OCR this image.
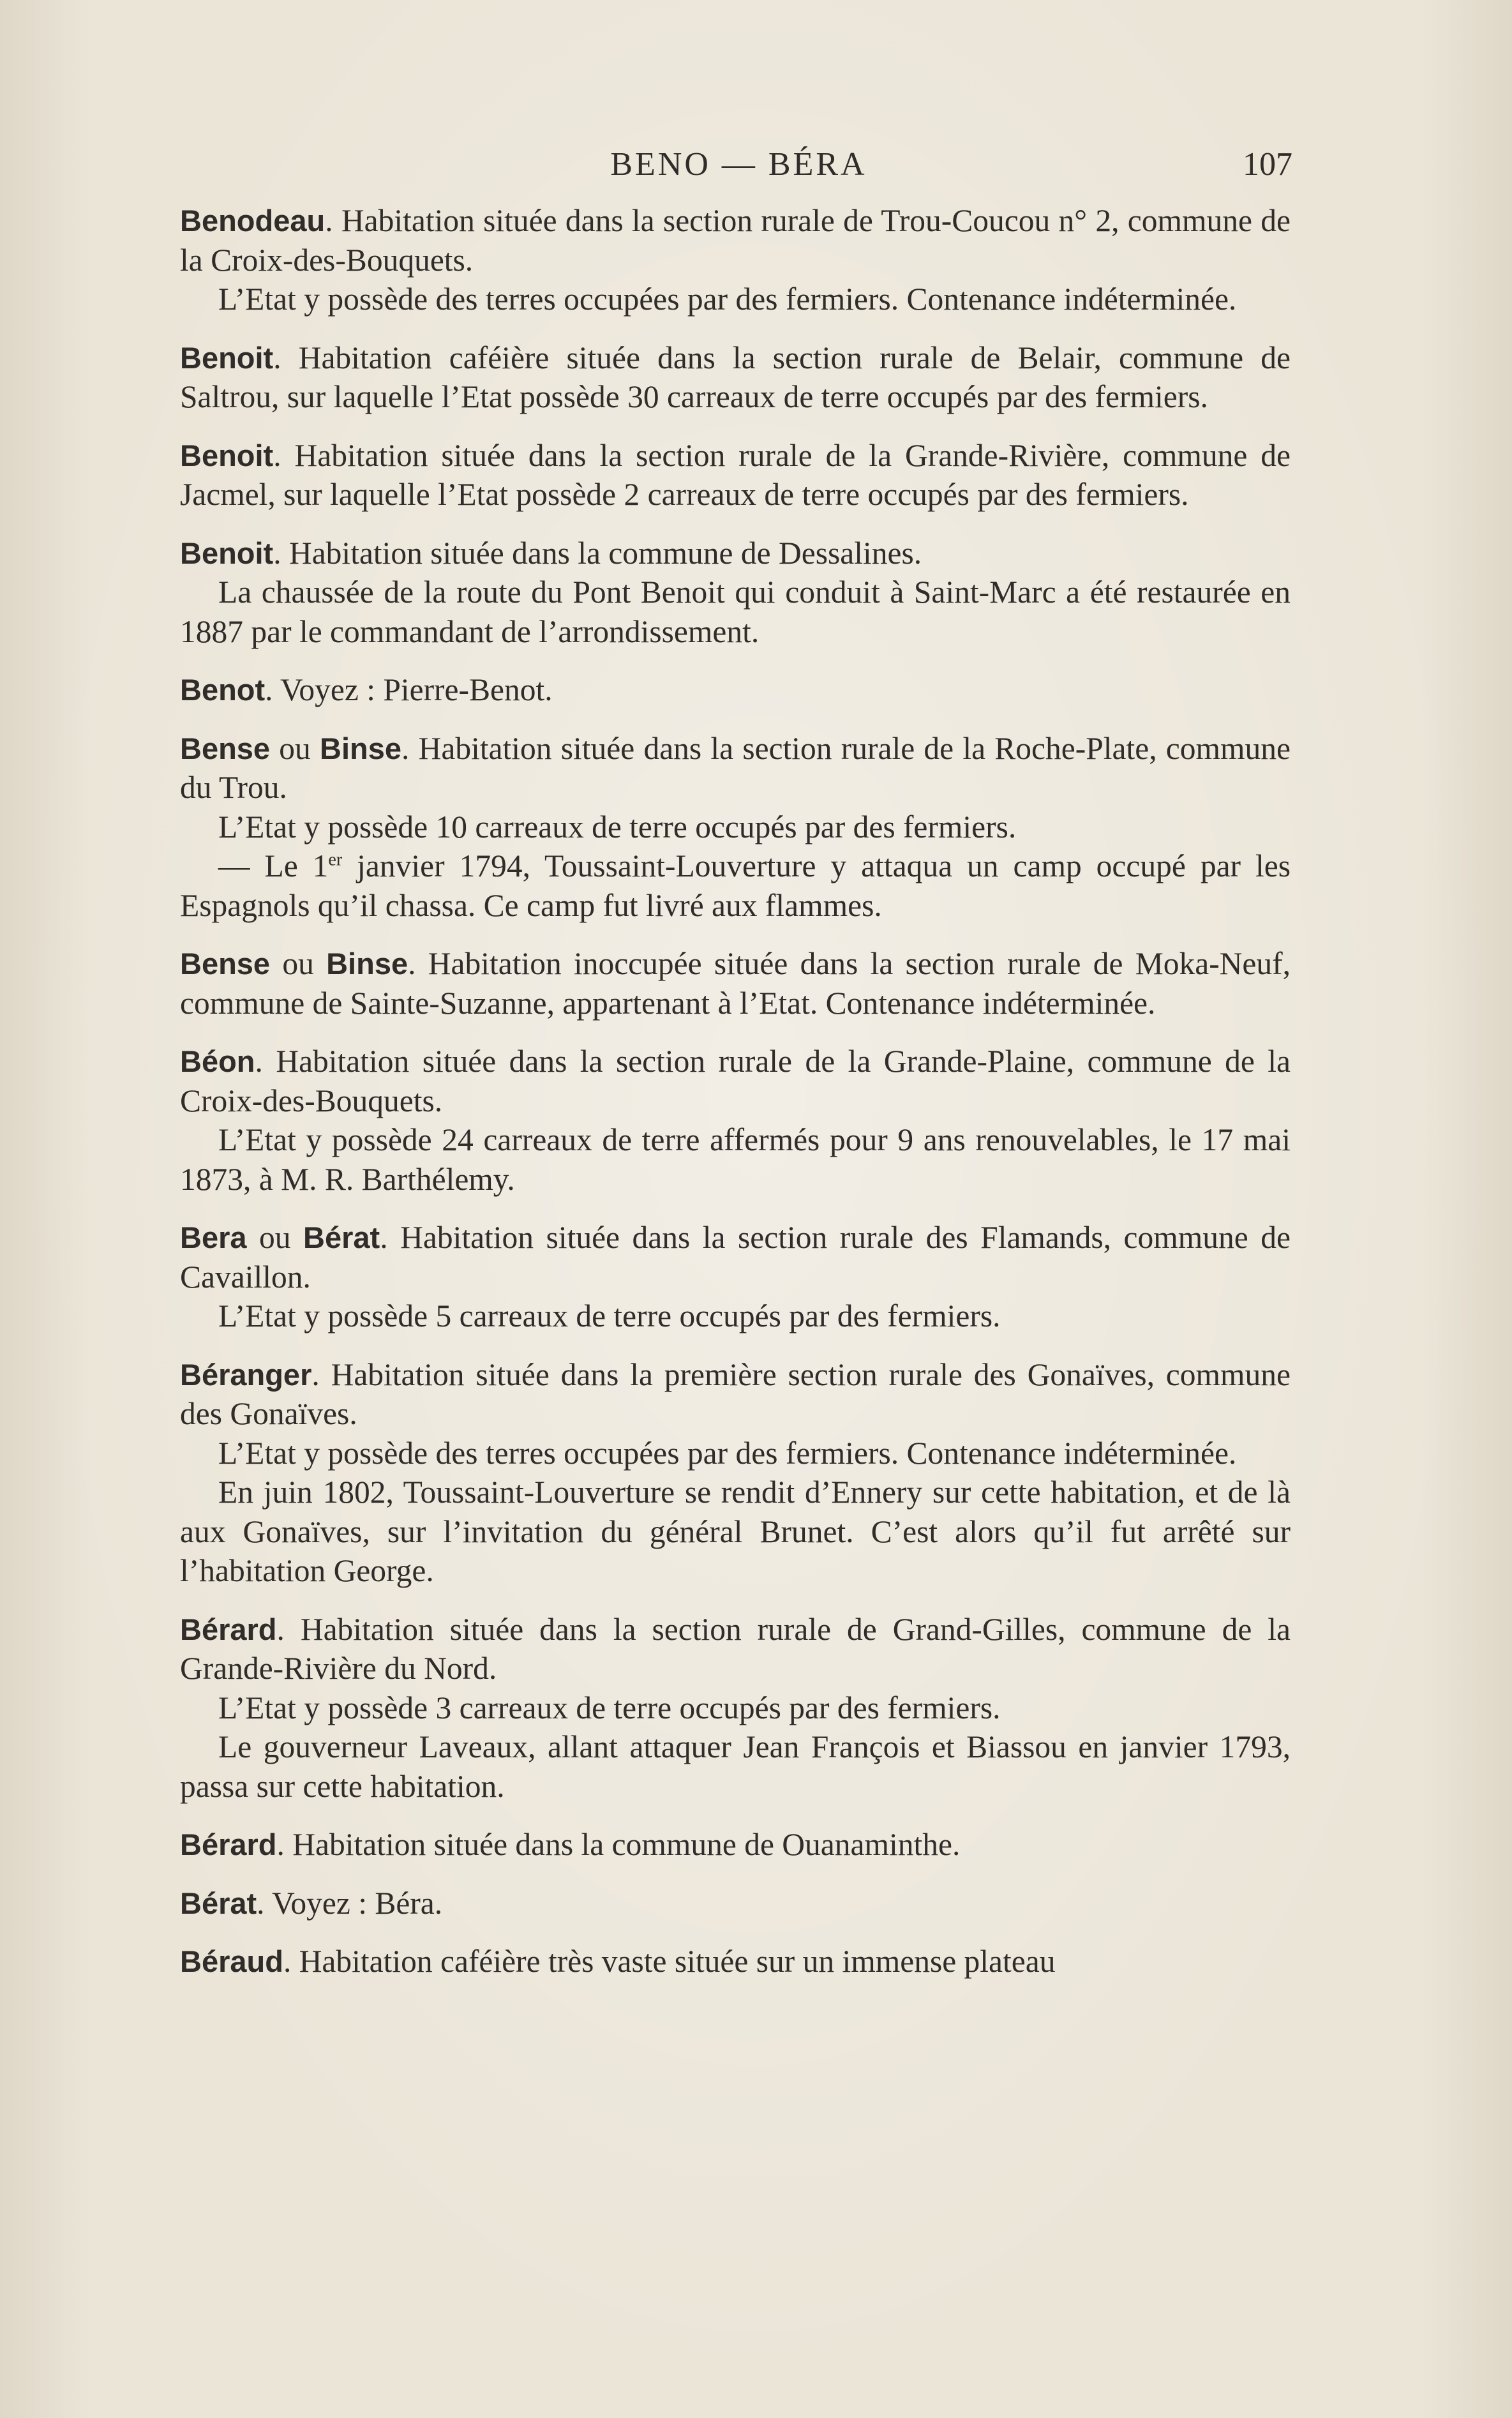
BENO — BÉRA	107

Benodeau. Habitation située dans la section rurale de Trou-Coucou n° 2, commune de la Croix-des-Bouquets.

L’Etat y possède des terres occupées par des fermiers. Contenance indéterminée.

Benoit. Habitation caféière située dans la section rurale de Belair, commune de Saltrou, sur laquelle l’Etat possède 30 carreaux de terre occupés par des fermiers.

Benoit. Habitation située dans la section rurale de la Grande-Rivière, commune de Jacmel, sur laquelle l’Etat possède 2 carreaux de terre occupés par des fermiers.

Benoit. Habitation située dans la commune de Dessalines.

La chaussée de la route du Pont Benoit qui conduit à Saint-Marc a été restaurée en 1887 par le commandant de l’arrondissement.

Benot. Voyez : Pierre-Benot.

Bense ou Binse. Habitation située dans la section rurale de la Roche-Plate, commune du Trou.

L’Etat y possède 10 carreaux de terre occupés par des fermiers.

— Le 1er janvier 1794, Toussaint-Louverture y attaqua un camp occupé par les Espagnols qu’il chassa. Ce camp fut livré aux flammes.

Bense ou Binse. Habitation inoccupée située dans la section rurale de Moka-Neuf, commune de Sainte-Suzanne, appartenant à l’Etat. Contenance indéterminée.

Béon. Habitation située dans la section rurale de la Grande-Plaine, commune de la Croix-des-Bouquets.

L’Etat y possède 24 carreaux de terre affermés pour 9 ans renouvelables, le 17 mai 1873, à M. R. Barthélemy.

Bera ou Bérat. Habitation située dans la section rurale des Flamands, commune de Cavaillon.

L’Etat y possède 5 carreaux de terre occupés par des fermiers.

Béranger. Habitation située dans la première section rurale des Gonaïves, commune des Gonaïves.

L’Etat y possède des terres occupées par des fermiers. Contenance indéterminée.

En juin 1802, Toussaint-Louverture se rendit d’Ennery sur cette habitation, et de là aux Gonaïves, sur l’invitation du général Brunet. C’est alors qu’il fut arrêté sur l’habitation George.

Bérard. Habitation située dans la section rurale de Grand-Gilles, commune de la Grande-Rivière du Nord.

L’Etat y possède 3 carreaux de terre occupés par des fermiers.

Le gouverneur Laveaux, allant attaquer Jean François et Biassou en janvier 1793, passa sur cette habitation.

Bérard. Habitation située dans la commune de Ouanaminthe.

Bérat. Voyez : Béra.

Béraud. Habitation caféière très vaste située sur un immense plateau
